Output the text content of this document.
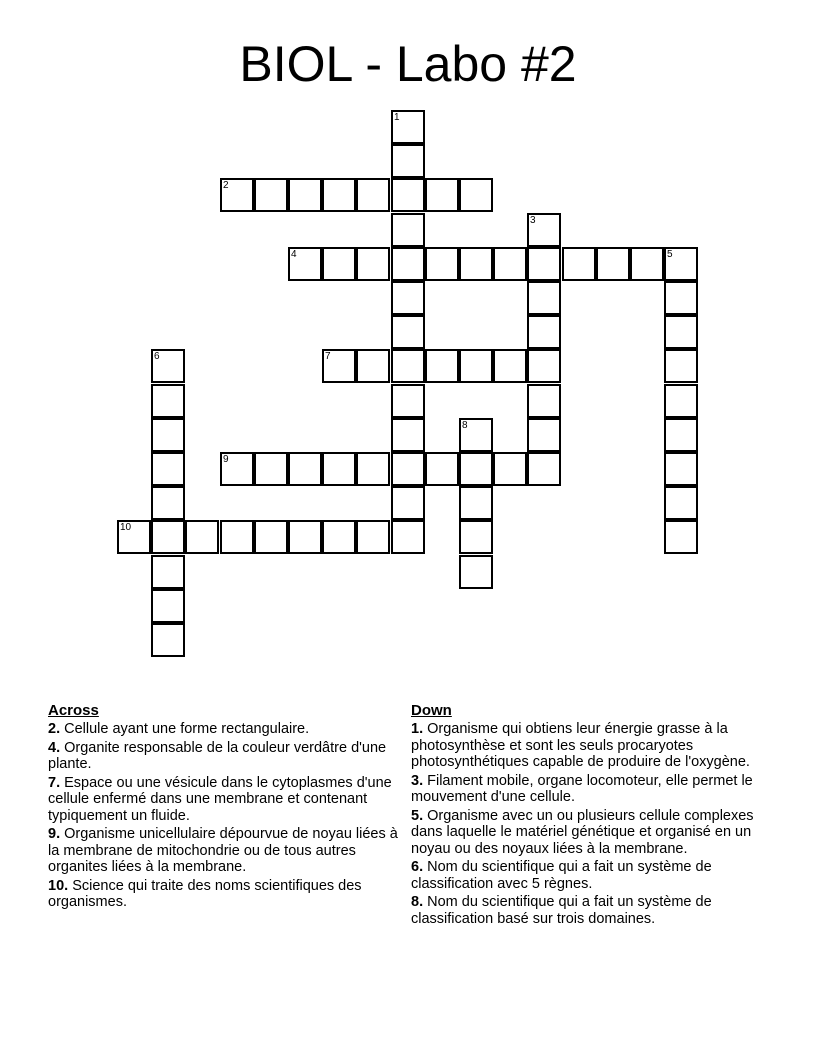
BIOL - Labo #2
1
2
3
4	5
6	7
8
9
10
Across
2. Cellule ayant une forme rectangulaire.
4. Organite responsable de la couleur verdâtre d'une plante.
7. Espace ou une vésicule dans le cytoplasmes d'une cellule enfermé dans une membrane et contenant typiquement un fluide.
9. Organisme unicellulaire dépourvue de noyau liées à la membrane de mitochondrie ou de tous autres organites liées à la membrane.
10. Science qui traite des noms scientifiques des organismes.
Down
1. Organisme qui obtiens leur énergie grasse à la photosynthèse et sont les seuls procaryotes photosynthétiques capable de produire de l'oxygène.
3. Filament mobile, organe locomoteur, elle permet le mouvement d'une cellule.
5. Organisme avec un ou plusieurs cellule complexes dans laquelle le matériel génétique et organisé en un noyau ou des noyaux liées à la membrane.
6. Nom du scientifique qui a fait un système de classification avec 5 règnes.
8. Nom du scientifique qui a fait un système de classification basé sur trois domaines.
